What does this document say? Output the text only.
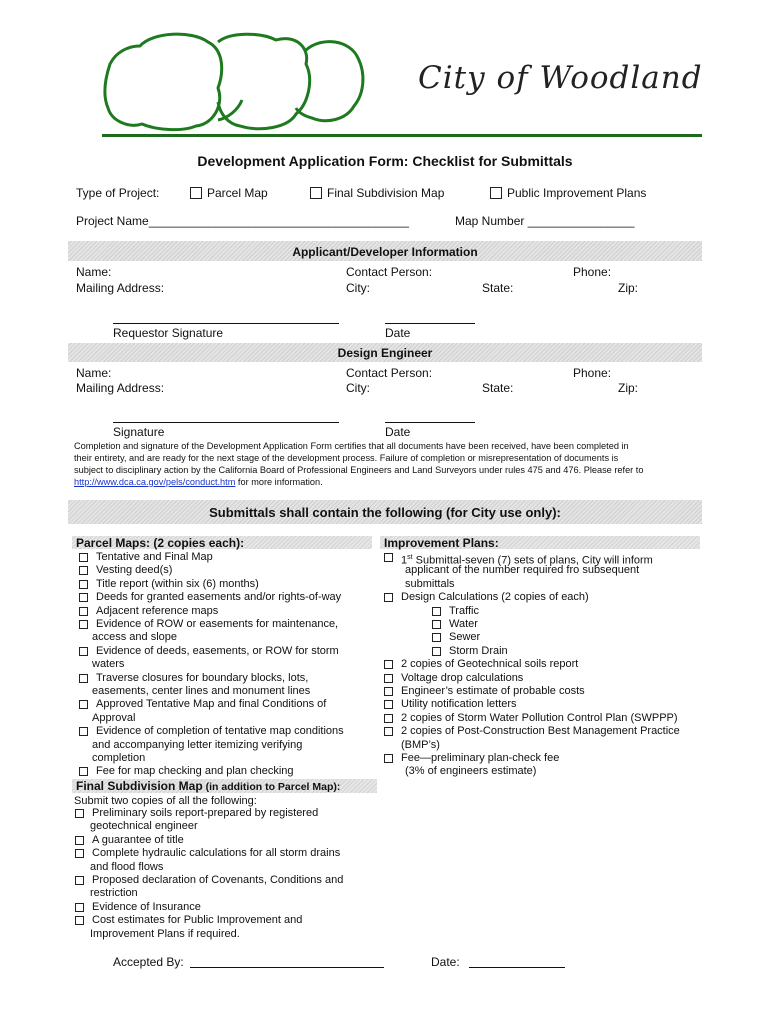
City of Woodland
Development Application Form: Checklist for Submittals
Type of Project:	Parcel Map	Final Subdivision Map	Public Improvement Plans
Project Name_______________________________________	Map Number ________________
Applicant/Developer Information
Name:	Contact Person:	Phone:
Mailing Address:	City:	State:	Zip:
Requestor Signature	Date
Design Engineer
Name:	Contact Person:	Phone:
Mailing Address:	City:	State:	Zip:
Signature	Date
Completion and signature of the Development Application Form certifies that all documents have been received, have been completed in
their entirety, and are ready for the next stage of the development process. Failure of completion or misrepresentation of documents is
subject to disciplinary action by the California Board of Professional Engineers and Land Surveyors under rules 475 and 476. Please refer to
http://www.dca.ca.gov/pels/conduct.htm for more information.
Submittals shall contain the following (for City use only):
Parcel Maps: (2 copies each):	Improvement Plans:
Tentative and Final Map
Vesting deed(s)
Title report (within six (6) months)
Deeds for granted easements and/or rights-of-way
Adjacent reference maps
Evidence of ROW or easements for maintenance,
access and slope
Evidence of deeds, easements, or ROW for storm
waters
Traverse closures for boundary blocks, lots,
easements, center lines and monument lines
Approved Tentative Map and final Conditions of
Approval
Evidence of completion of tentative map conditions
and accompanying letter itemizing verifying
completion
Fee for map checking and plan checking
Preliminary soils report-prepared by registered
geotechnical engineer
A guarantee of title
Complete hydraulic calculations for all storm drains
and flood flows
Proposed declaration of Covenants, Conditions and
restriction
Evidence of Insurance
Cost estimates for Public Improvement and
Improvement Plans if required.
1st Submittal-seven (7) sets of plans, City will inform
applicant of the number required fro subsequent
submittals
Design Calculations (2 copies of each)
Traffic
Water
Sewer
Storm Drain
2 copies of Geotechnical soils report
Voltage drop calculations
Engineer’s estimate of probable costs
Utility notification letters
2 copies of Storm Water Pollution Control Plan (SWPPP)
2 copies of Post-Construction Best Management Practice
(BMP’s)
Fee—preliminary plan-check fee
(3% of engineers estimate)
Final Subdivision Map (in addition to Parcel Map):
Submit two copies of all the following:
Accepted By:	Date:
